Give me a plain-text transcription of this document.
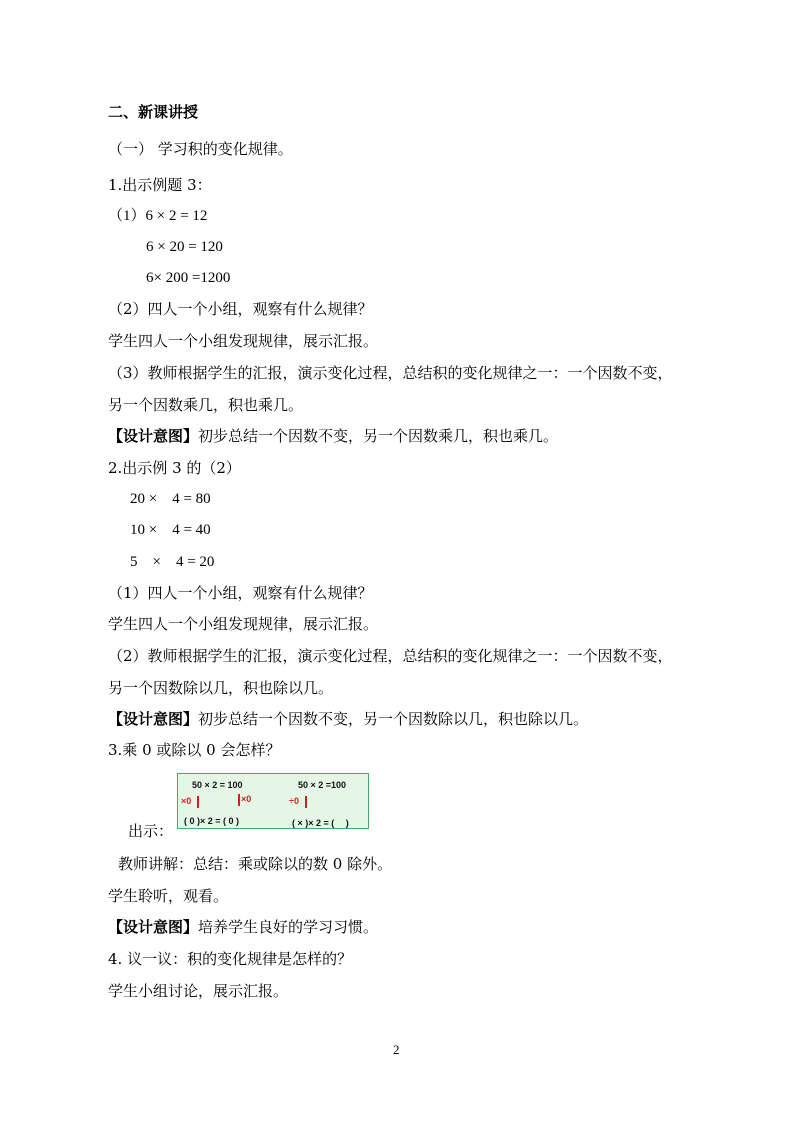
二、新课讲授
（一） 学习积的变化规律。
1.出示例题 3：
（1）6 × 2 = 12
6 × 20 = 120
6× 200 =1200
（2）四人一个小组，观察有什么规律？
学生四人一个小组发现规律，展示汇报。
（3）教师根据学生的汇报，演示变化过程，总结积的变化规律之一：一个因数不变，
另一个因数乘几，积也乘几。
【设计意图】初步总结一个因数不变，另一个因数乘几，积也乘几。
2.出示例 3 的（2）
20 ×　4 = 80
10 ×　4 = 40
5　×　4 = 20
（1）四人一个小组，观察有什么规律？
学生四人一个小组发现规律，展示汇报。
（2）教师根据学生的汇报，演示变化过程，总结积的变化规律之一：一个因数不变，
另一个因数除以几，积也除以几。
【设计意图】初步总结一个因数不变，另一个因数除以几，积也除以几。
3.乘 0 或除以 0 会怎样？
50 × 2 = 100
×0	×0
( 0 )× 2 = ( 0 )
50 × 2 =100
÷0
( × )× 2 = (　 )
出示：
教师讲解：总结：乘或除以的数 0 除外。
学生聆听，观看。
【设计意图】培养学生良好的学习习惯。
4. 议一议：积的变化规律是怎样的？
学生小组讨论，展示汇报。
2
